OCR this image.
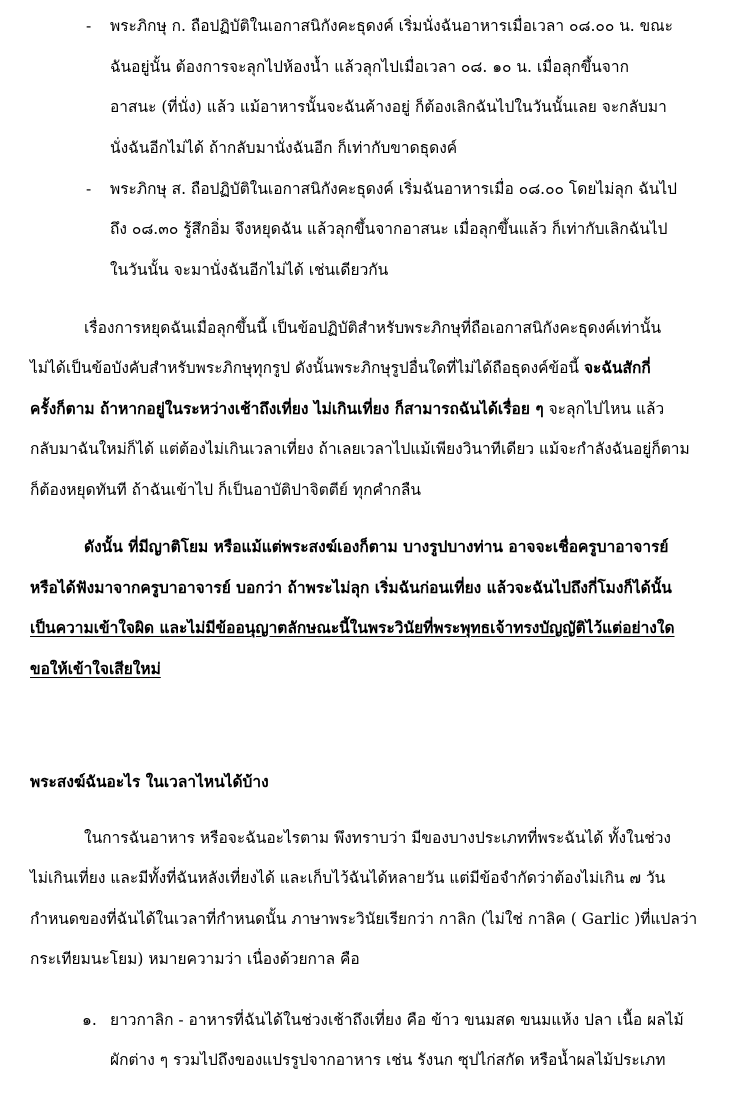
- พระภิกษุ ก. ถือปฏิบัติในเอกาสนิกังคะธุดงค์ เริ่มนั่งฉันอาหารเมื่อเวลา ๐๘.๐๐ น. ขณะ
ฉันอยู่นั้น ต้องการจะลุกไปห้องน้ำ แล้วลุกไปเมื่อเวลา ๐๘. ๑๐ น. เมื่อลุกขึ้นจาก
อาสนะ (ที่นั่ง) แล้ว แม้อาหารนั้นจะฉันค้างอยู่ ก็ต้องเลิกฉันไปในวันนั้นเลย จะกลับมา
นั่งฉันอีกไม่ได้ ถ้ากลับมานั่งฉันอีก ก็เท่ากับขาดธุดงค์
- พระภิกษุ ส. ถือปฏิบัติในเอกาสนิกังคะธุดงค์ เริ่มฉันอาหารเมื่อ ๐๘.๐๐ โดยไม่ลุก ฉันไป
ถึง ๐๘.๓๐ รู้สึกอิ่ม จึงหยุดฉัน แล้วลุกขึ้นจากอาสนะ เมื่อลุกขึ้นแล้ว ก็เท่ากับเลิกฉันไป
ในวันนั้น จะมานั่งฉันอีกไม่ได้ เช่นเดียวกัน
เรื่องการหยุดฉันเมื่อลุกขึ้นนี้ เป็นข้อปฏิบัติสำหรับพระภิกษุที่ถือเอกาสนิกังคะธุดงค์เท่านั้น
ไม่ได้เป็นข้อบังคับสำหรับพระภิกษุทุกรูป ดังนั้นพระภิกษุรูปอื่นใดที่ไม่ได้ถือธุดงค์ข้อนี้ จะฉันสักกี่
ครั้งก็ตาม ถ้าหากอยู่ในระหว่างเช้าถึงเที่ยง ไม่เกินเที่ยง ก็สามารถฉันได้เรื่อย ๆ จะลุกไปไหน แล้ว
กลับมาฉันใหม่ก็ได้ แต่ต้องไม่เกินเวลาเที่ยง ถ้าเลยเวลาไปแม้เพียงวินาทีเดียว แม้จะกำลังฉันอยู่ก็ตาม
ก็ต้องหยุดทันที ถ้าฉันเข้าไป ก็เป็นอาบัติปาจิตตีย์ ทุกคำกลืน
ดังนั้น ที่มีญาติโยม หรือแม้แต่พระสงฆ์เองก็ตาม บางรูปบางท่าน อาจจะเชื่อครูบาอาจารย์
หรือได้ฟังมาจากครูบาอาจารย์ บอกว่า ถ้าพระไม่ลุก เริ่มฉันก่อนเที่ยง แล้วจะฉันไปถึงกี่โมงก็ได้นั้น
เป็นความเข้าใจผิด และไม่มีข้ออนุญาตลักษณะนี้ในพระวินัยที่พระพุทธเจ้าทรงบัญญัติไว้แต่อย่างใด
ขอให้เข้าใจเสียใหม่
พระสงฆ์ฉันอะไร ในเวลาไหนได้บ้าง
ในการฉันอาหาร หรือจะฉันอะไรตาม พึงทราบว่า มีของบางประเภทที่พระฉันได้ ทั้งในช่วง
ไม่เกินเที่ยง และมีทั้งที่ฉันหลังเที่ยงได้ และเก็บไว้ฉันได้หลายวัน แต่มีข้อจำกัดว่าต้องไม่เกิน ๗ วัน
กำหนดของที่ฉันได้ในเวลาที่กำหนดนั้น ภาษาพระวินัยเรียกว่า กาลิก (ไม่ใช่ กาลิค ( Garlic )ที่แปลว่า
กระเทียมนะโยม) หมายความว่า เนื่องด้วยกาล คือ
๑. ยาวกาลิก - อาหารที่ฉันได้ในช่วงเช้าถึงเที่ยง คือ ข้าว ขนมสด ขนมแห้ง ปลา เนื้อ ผลไม้
ผักต่าง ๆ รวมไปถึงของแปรรูปจากอาหาร เช่น รังนก ซุปไก่สกัด หรือน้ำผลไม้ประเภท
